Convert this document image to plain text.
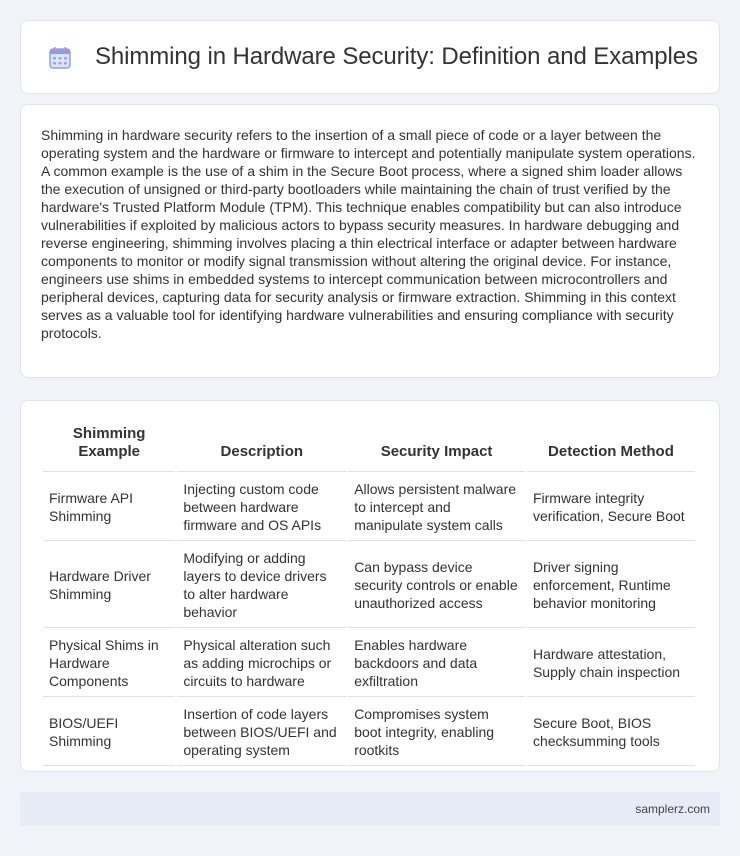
Shimming in Hardware Security: Definition and Examples

Shimming in hardware security refers to the insertion of a small piece of code or a layer between the operating system and the hardware or firmware to intercept and potentially manipulate system operations. A common example is the use of a shim in the Secure Boot process, where a signed shim loader allows the execution of unsigned or third-party bootloaders while maintaining the chain of trust verified by the hardware's Trusted Platform Module (TPM). This technique enables compatibility but can also introduce vulnerabilities if exploited by malicious actors to bypass security measures. In hardware debugging and reverse engineering, shimming involves placing a thin electrical interface or adapter between hardware components to monitor or modify signal transmission without altering the original device. For instance, engineers use shims in embedded systems to intercept communication between microcontrollers and peripheral devices, capturing data for security analysis or firmware extraction. Shimming in this context serves as a valuable tool for identifying hardware vulnerabilities and ensuring compliance with security protocols.

Shimming Example	Description	Security Impact	Detection Method
Firmware API Shimming	Injecting custom code between hardware firmware and OS APIs	Allows persistent malware to intercept and manipulate system calls	Firmware integrity verification, Secure Boot
Hardware Driver Shimming	Modifying or adding layers to device drivers to alter hardware behavior	Can bypass device security controls or enable unauthorized access	Driver signing enforcement, Runtime behavior monitoring
Physical Shims in Hardware Components	Physical alteration such as adding microchips or circuits to hardware	Enables hardware backdoors and data exfiltration	Hardware attestation, Supply chain inspection
BIOS/UEFI Shimming	Insertion of code layers between BIOS/UEFI and operating system	Compromises system boot integrity, enabling rootkits	Secure Boot, BIOS checksumming tools
samplerz.com
